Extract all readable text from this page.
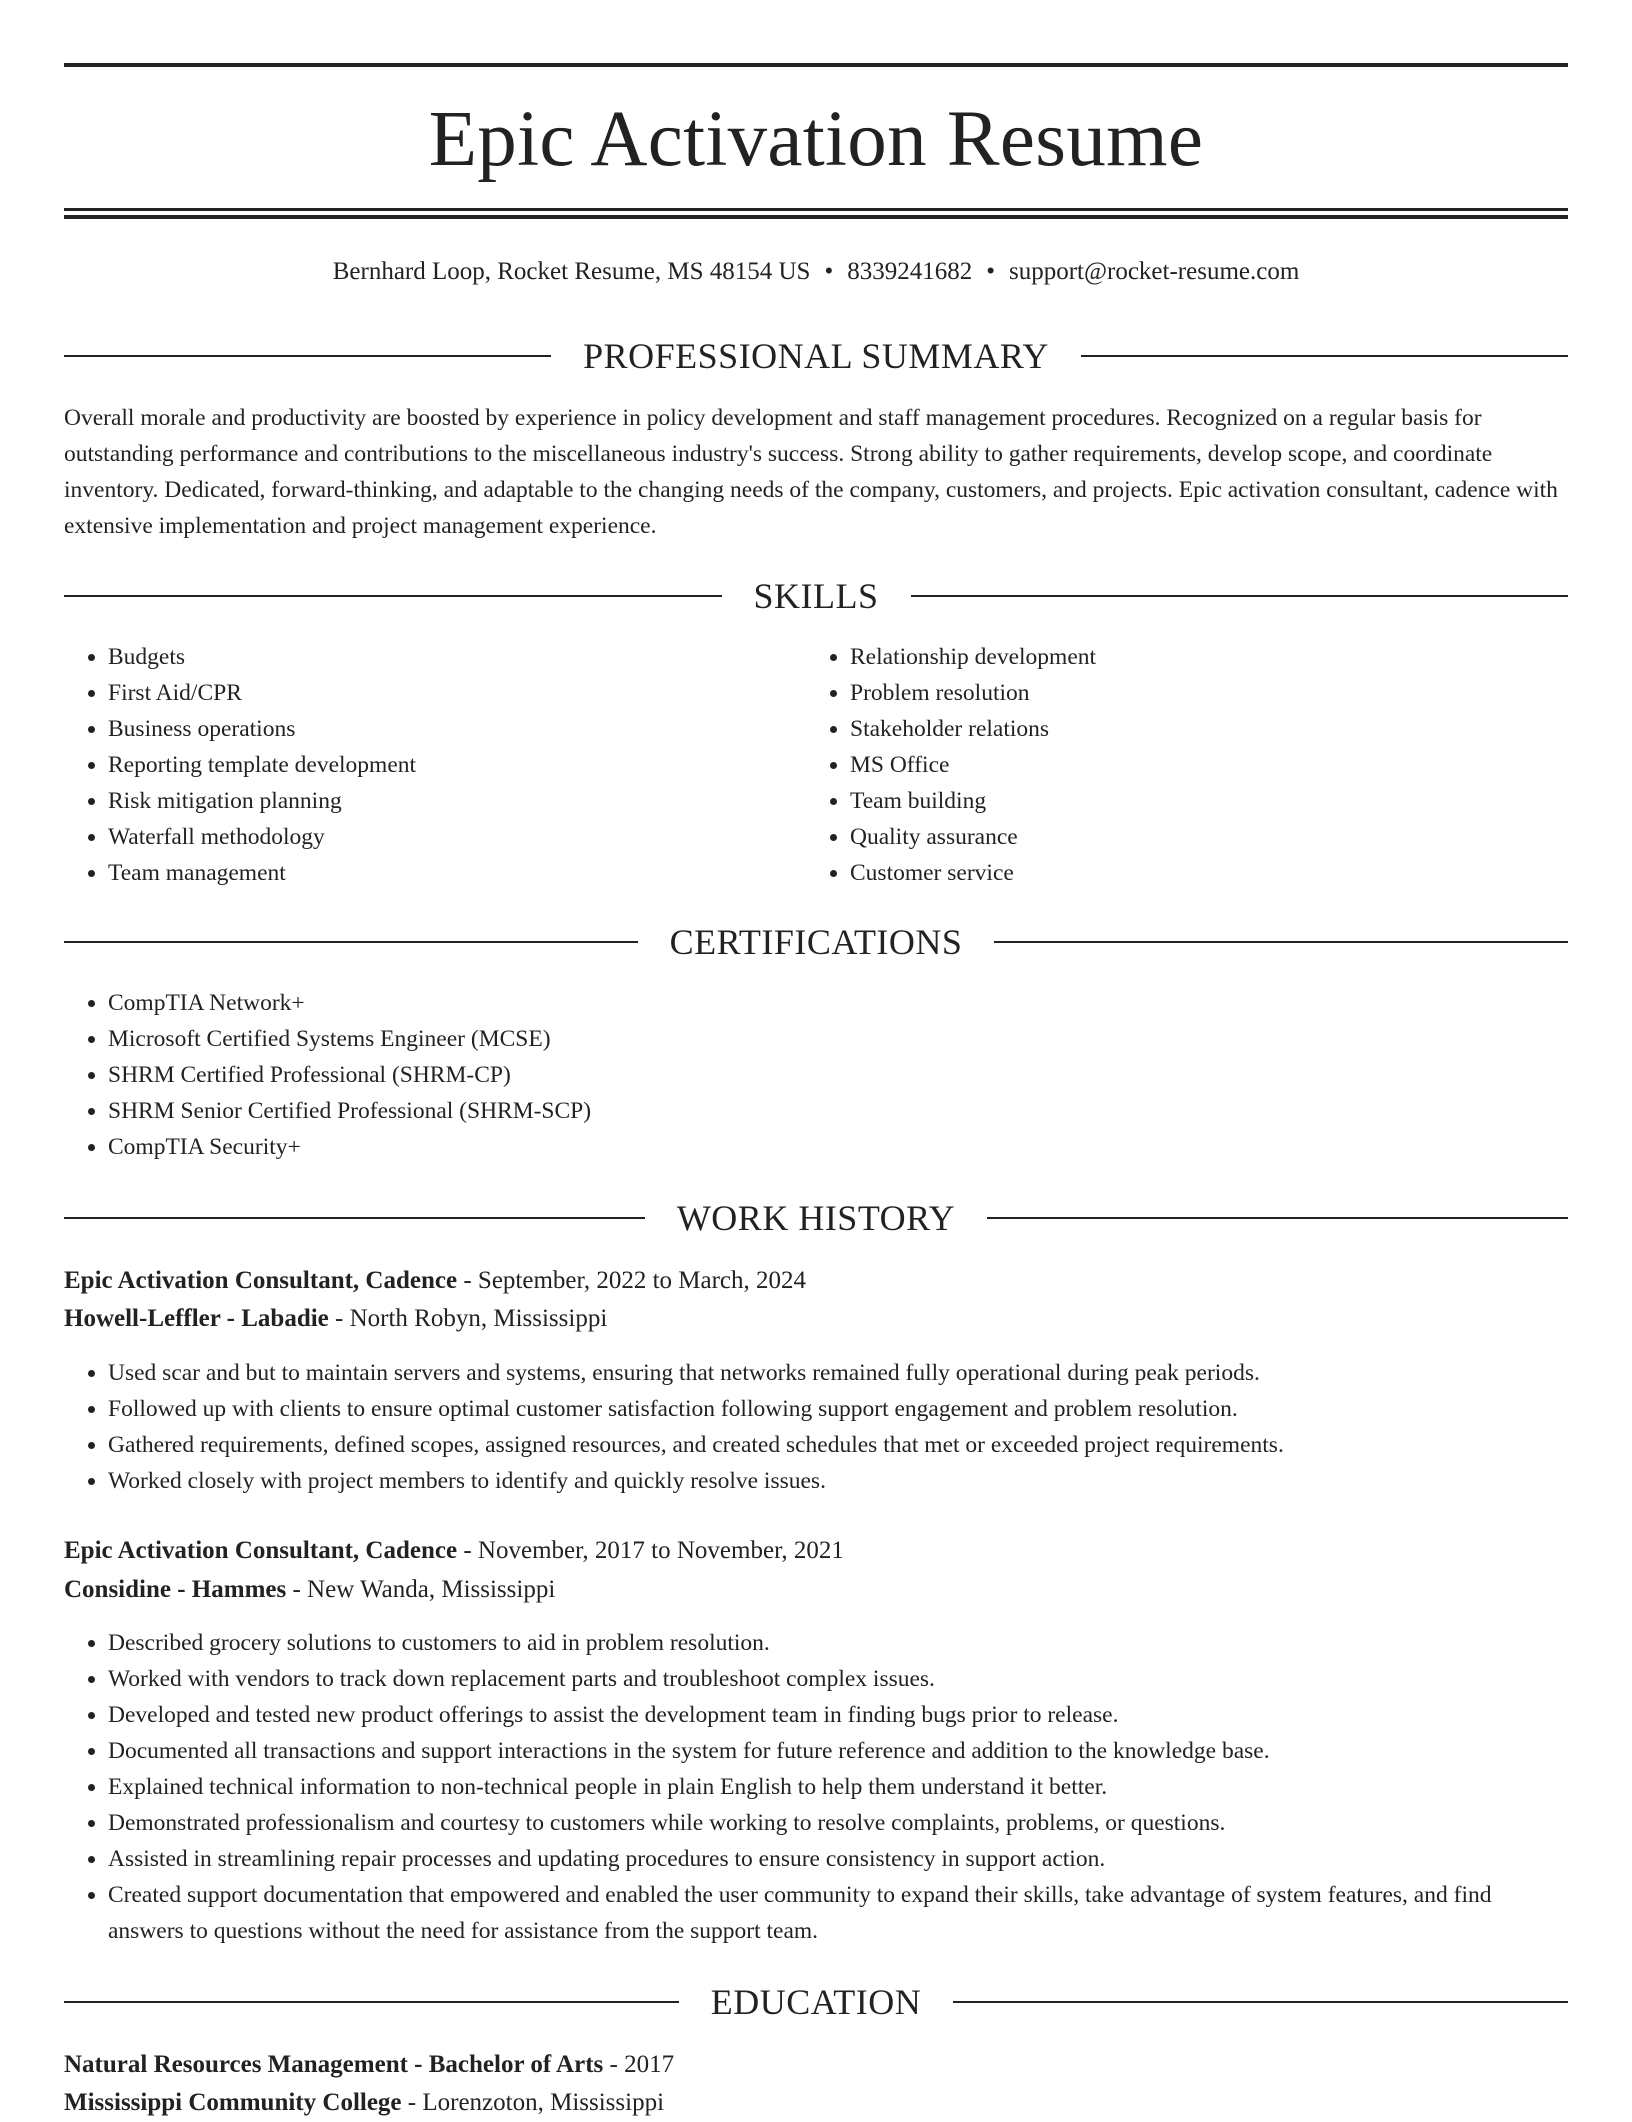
Epic Activation Resume
Bernhard Loop, Rocket Resume, MS 48154 US • 8339241682 • support@rocket-resume.com
PROFESSIONAL SUMMARY
Overall morale and productivity are boosted by experience in policy development and staff management procedures. Recognized on a regular basis for outstanding performance and contributions to the miscellaneous industry's success. Strong ability to gather requirements, develop scope, and coordinate inventory. Dedicated, forward-thinking, and adaptable to the changing needs of the company, customers, and projects. Epic activation consultant, cadence with extensive implementation and project management experience.
SKILLS
• Budgets
• First Aid/CPR
• Business operations
• Reporting template development
• Risk mitigation planning
• Waterfall methodology
• Team management
• Relationship development
• Problem resolution
• Stakeholder relations
• MS Office
• Team building
• Quality assurance
• Customer service
CERTIFICATIONS
• CompTIA Network+
• Microsoft Certified Systems Engineer (MCSE)
• SHRM Certified Professional (SHRM-CP)
• SHRM Senior Certified Professional (SHRM-SCP)
• CompTIA Security+
WORK HISTORY
Epic Activation Consultant, Cadence - September, 2022 to March, 2024
Howell-Leffler - Labadie - North Robyn, Mississippi
• Used scar and but to maintain servers and systems, ensuring that networks remained fully operational during peak periods.
• Followed up with clients to ensure optimal customer satisfaction following support engagement and problem resolution.
• Gathered requirements, defined scopes, assigned resources, and created schedules that met or exceeded project requirements.
• Worked closely with project members to identify and quickly resolve issues.
Epic Activation Consultant, Cadence - November, 2017 to November, 2021
Considine - Hammes - New Wanda, Mississippi
• Described grocery solutions to customers to aid in problem resolution.
• Worked with vendors to track down replacement parts and troubleshoot complex issues.
• Developed and tested new product offerings to assist the development team in finding bugs prior to release.
• Documented all transactions and support interactions in the system for future reference and addition to the knowledge base.
• Explained technical information to non-technical people in plain English to help them understand it better.
• Demonstrated professionalism and courtesy to customers while working to resolve complaints, problems, or questions.
• Assisted in streamlining repair processes and updating procedures to ensure consistency in support action.
• Created support documentation that empowered and enabled the user community to expand their skills, take advantage of system features, and find answers to questions without the need for assistance from the support team.
EDUCATION
Natural Resources Management - Bachelor of Arts - 2017
Mississippi Community College - Lorenzoton, Mississippi
